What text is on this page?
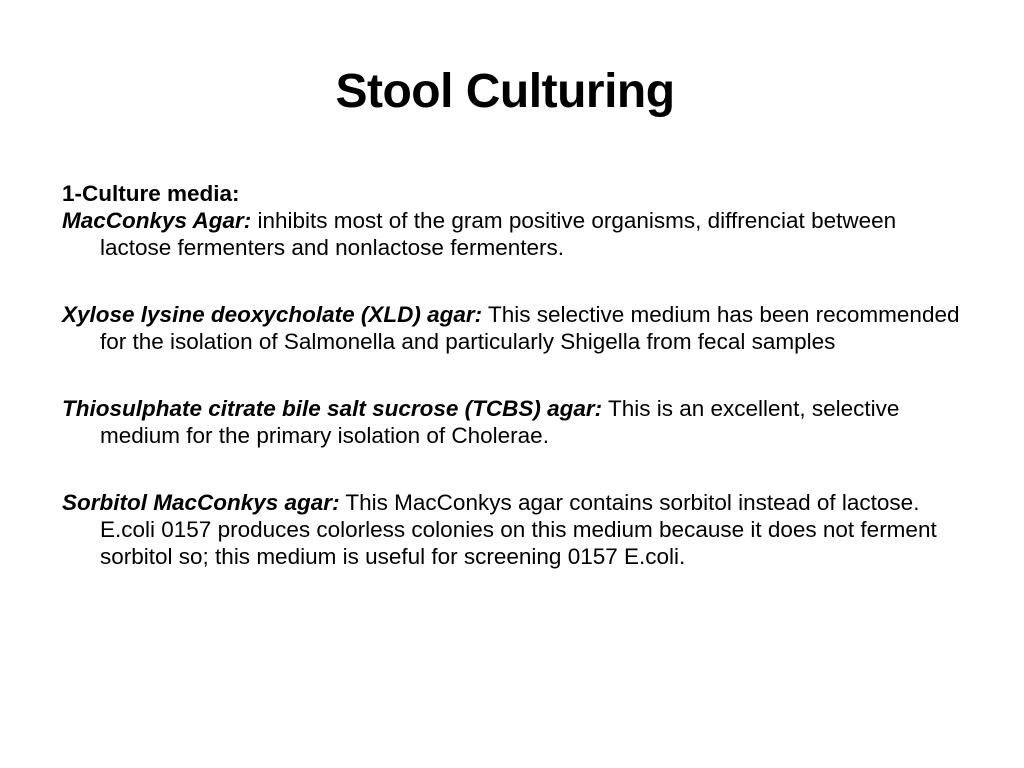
Stool Culturing

1-Culture media:

MacConkys Agar: inhibits most of the gram positive organisms, diffrenciat between lactose fermenters and nonlactose fermenters.

Xylose lysine deoxycholate (XLD) agar: This selective medium has been recommended for the isolation of Salmonella and particularly Shigella from fecal samples

Thiosulphate citrate bile salt sucrose (TCBS) agar: This is an excellent, selective medium for the primary isolation of Cholerae.

Sorbitol MacConkys agar: This MacConkys agar contains sorbitol instead of lactose. E.coli 0157 produces colorless colonies on this medium because it does not ferment sorbitol so; this medium is useful for screening 0157 E.coli.
